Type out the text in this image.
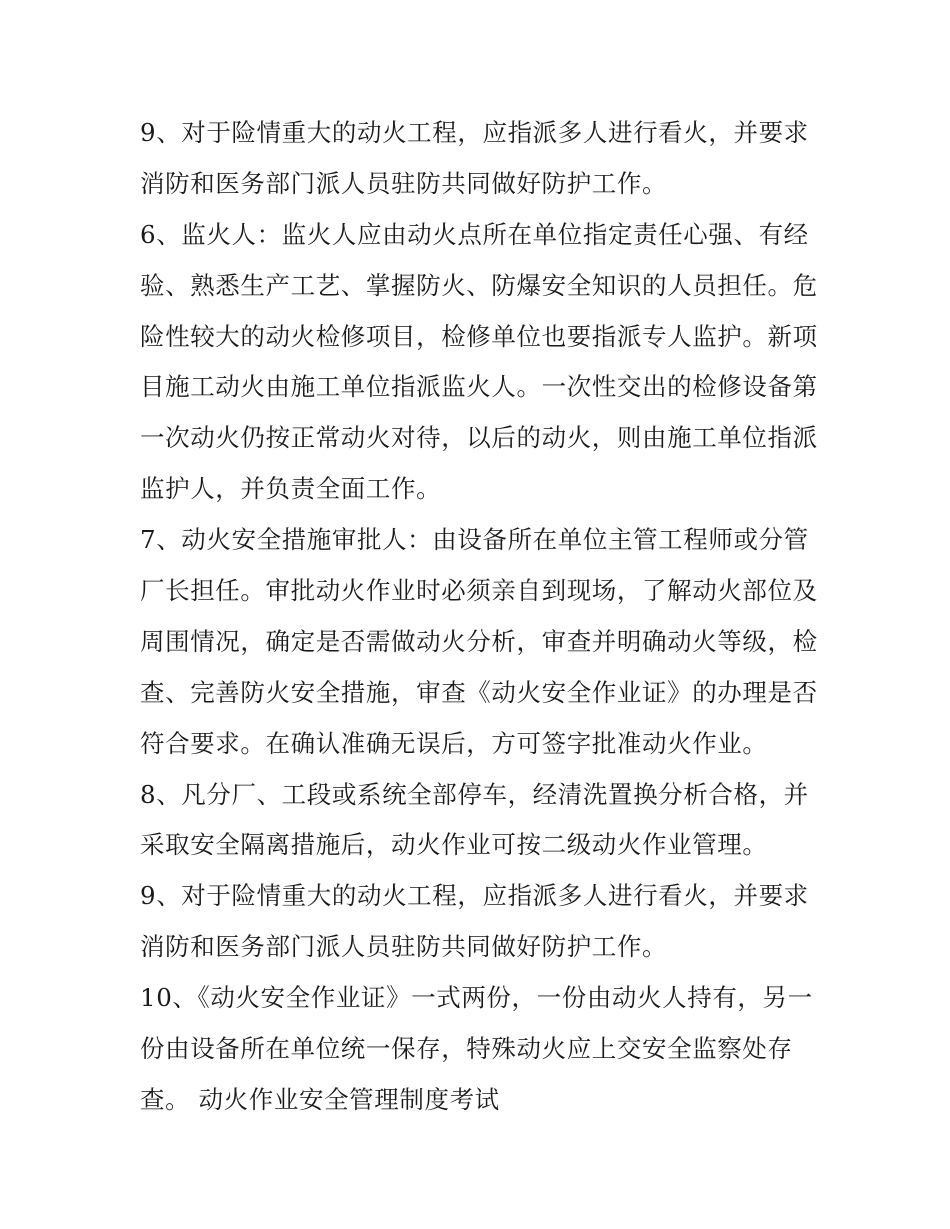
9、对于险情重大的动火工程，应指派多人进行看火，并要求
消防和医务部门派人员驻防共同做好防护工作。
6、监火人：监火人应由动火点所在单位指定责任心强、有经
验、熟悉生产工艺、掌握防火、防爆安全知识的人员担任。危
险性较大的动火检修项目，检修单位也要指派专人监护。新项
目施工动火由施工单位指派监火人。一次性交出的检修设备第
一次动火仍按正常动火对待，以后的动火，则由施工单位指派
监护人，并负责全面工作。
7、动火安全措施审批人：由设备所在单位主管工程师或分管
厂长担任。审批动火作业时必须亲自到现场，了解动火部位及
周围情况，确定是否需做动火分析，审查并明确动火等级，检
查、完善防火安全措施，审查《动火安全作业证》的办理是否
符合要求。在确认准确无误后，方可签字批准动火作业。
8、凡分厂、工段或系统全部停车，经清洗置换分析合格，并
采取安全隔离措施后，动火作业可按二级动火作业管理。
9、对于险情重大的动火工程，应指派多人进行看火，并要求
消防和医务部门派人员驻防共同做好防护工作。
10、《动火安全作业证》一式两份，一份由动火人持有，另一
份由设备所在单位统一保存，特殊动火应上交安全监察处存
查。 动火作业安全管理制度考试
